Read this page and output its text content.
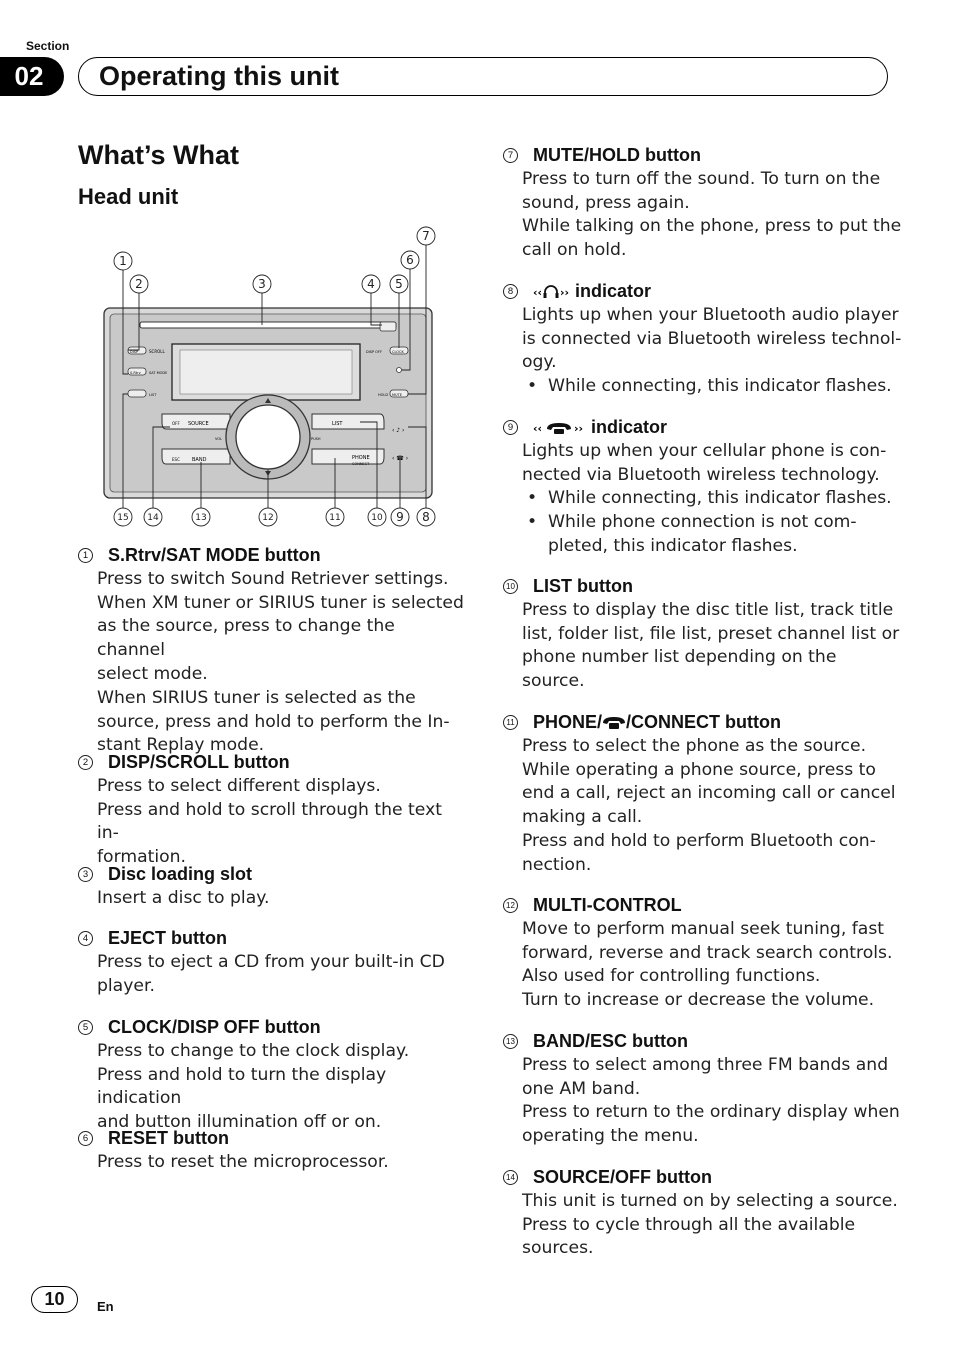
Section
02	Operating this unit
What’s What
Head unit
SCROLL
DISP
S.Rtrv SAT MODE
LIST
CLOCK
DISP OFF
MUTE
HOLD
SOURCE
OFF
BAND
ESC
LIST
PHONE
CONNECT
VOL	PUSH
‹ ♪ ›
‹ ☎ ›
1
2	3	4 5
6
7
8
9
10
11
12
13
14
15
1 S.Rtrv/SAT MODE button

Press to switch Sound Retriever settings.

When XM tuner or SIRIUS tuner is selected

as the source, press to change the channel

select mode.

When SIRIUS tuner is selected as the

source, press and hold to perform the In-

stant Replay mode.

2 DISP/SCROLL button

Press to select different displays.

Press and hold to scroll through the text in-

formation.

3 Disc loading slot

Insert a disc to play.

4 EJECT button

Press to eject a CD from your built-in CD

player.

5 CLOCK/DISP OFF button

Press to change to the clock display.

Press and hold to turn the display indication

and button illumination off or on.

6 RESET button

Press to reset the microprocessor.

7 MUTE/HOLD button

Press to turn off the sound. To turn on the

sound, press again.

While talking on the phone, press to put the

call on hold.

8	‹‹ ›› indicator

Lights up when your Bluetooth audio player

is connected via Bluetooth wireless technol-

ogy.

• While connecting, this indicator flashes.
9	‹‹	›› indicator

Lights up when your cellular phone is con-

nected via Bluetooth wireless technology.

• While connecting, this indicator flashes.
• While phone connection is not com-
pleted, this indicator flashes.
10 LIST button

Press to display the disc title list, track title

list, folder list, file list, preset channel list or

phone number list depending on the

source.

11 PHONE/ /CONNECT button

Press to select the phone as the source.

While operating a phone source, press to

end a call, reject an incoming call or cancel

making a call.

Press and hold to perform Bluetooth con-

nection.

12 MULTI-CONTROL

Move to perform manual seek tuning, fast

forward, reverse and track search controls.

Also used for controlling functions.

Turn to increase or decrease the volume.

13 BAND/ESC button

Press to select among three FM bands and

one AM band.

Press to return to the ordinary display when

operating the menu.

14 SOURCE/OFF button

This unit is turned on by selecting a source.

Press to cycle through all the available

sources.

10	En
